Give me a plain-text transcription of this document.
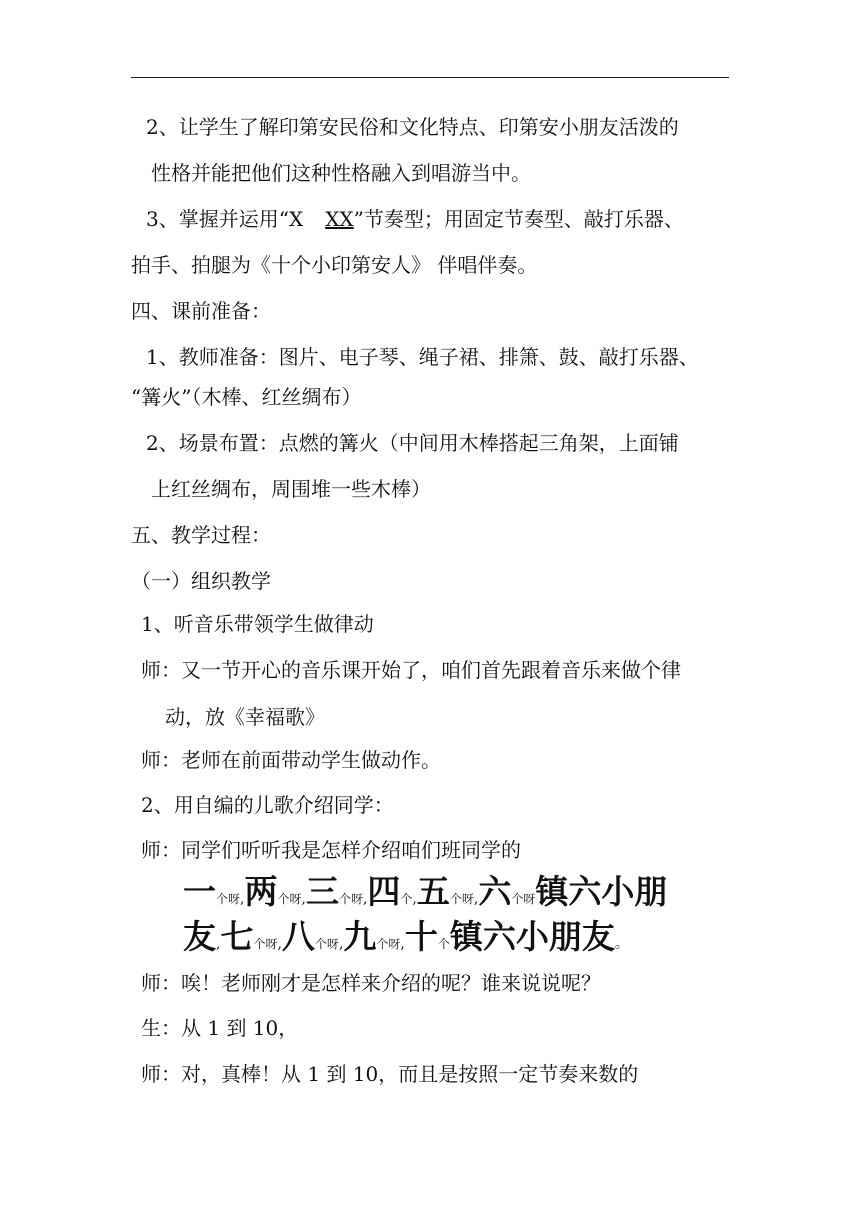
2、让学生了解印第安民俗和文化特点、印第安小朋友活泼的
性格并能把他们这种性格融入到唱游当中。
3、掌握并运用“X XX”节奏型；用固定节奏型、敲打乐器、
拍手、拍腿为《十个小印第安人》 伴唱伴奏。
四、课前准备：
1、教师准备：图片、电子琴、绳子裙、排箫、鼓、敲打乐器、
“篝火”（木棒、红丝绸布）
2、场景布置：点燃的篝火（中间用木棒搭起三角架，上面铺
上红丝绸布，周围堆一些木棒）
五、教学过程：
（一）组织教学
1、听音乐带领学生做律动
师：又一节开心的音乐课开始了，咱们首先跟着音乐来做个律
动，放《幸福歌》
师：老师在前面带动学生做动作。
2、用自编的儿歌介绍同学：
师：同学们听听我是怎样介绍咱们班同学的
一个呀,两个呀,三个呀,四个,五个呀,六个呀镇六小朋
友,七个呀,八个呀,九个呀,十个镇六小朋友。
师：唉！老师刚才是怎样来介绍的呢？谁来说说呢？
生：从 1 到 10，
师：对，真棒！从 1 到 10，而且是按照一定节奏来数的
